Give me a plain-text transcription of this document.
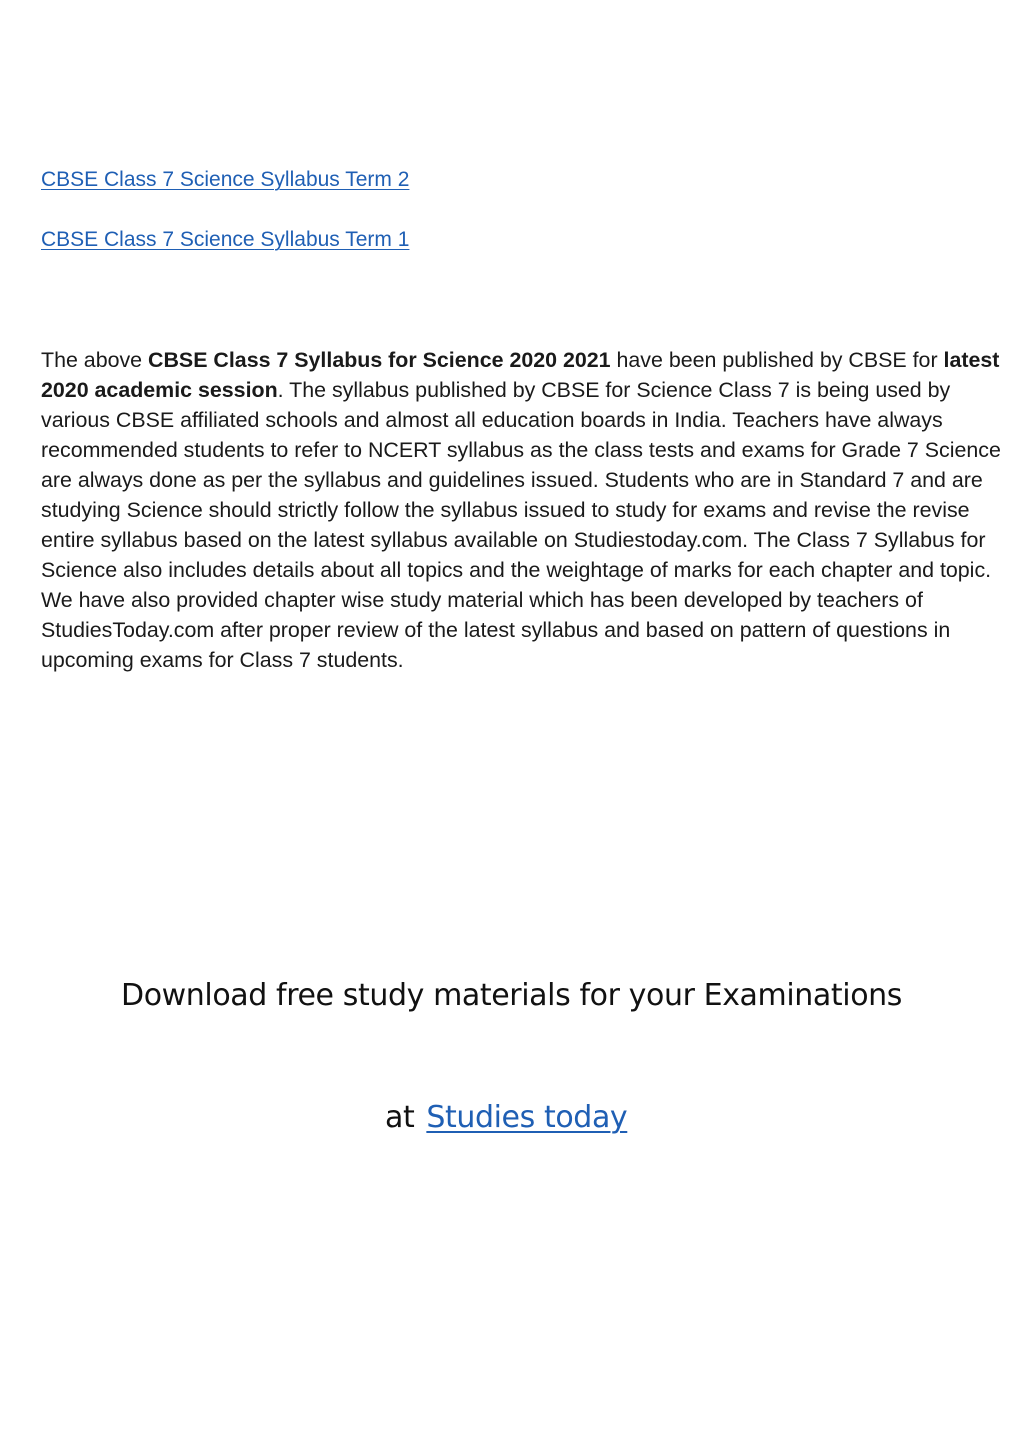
CBSE Class 7 Science Syllabus Term 2
CBSE Class 7 Science Syllabus Term 1

The above CBSE Class 7 Syllabus for Science 2020 2021 have been published by CBSE for latest 2020 academic session. The syllabus published by CBSE for Science Class 7 is being used by various CBSE affiliated schools and almost all education boards in India. Teachers have always recommended students to refer to NCERT syllabus as the class tests and exams for Grade 7 Science are always done as per the syllabus and guidelines issued. Students who are in Standard 7 and are studying Science should strictly follow the syllabus issued to study for exams and revise the revise entire syllabus based on the latest syllabus available on Studiestoday.com. The Class 7 Syllabus for Science also includes details about all topics and the weightage of marks for each chapter and topic. We have also provided chapter wise study material which has been developed by teachers of StudiesToday.com after proper review of the latest syllabus and based on pattern of questions in upcoming exams for Class 7 students.

Download free study materials for your Examinations
at Studies today
